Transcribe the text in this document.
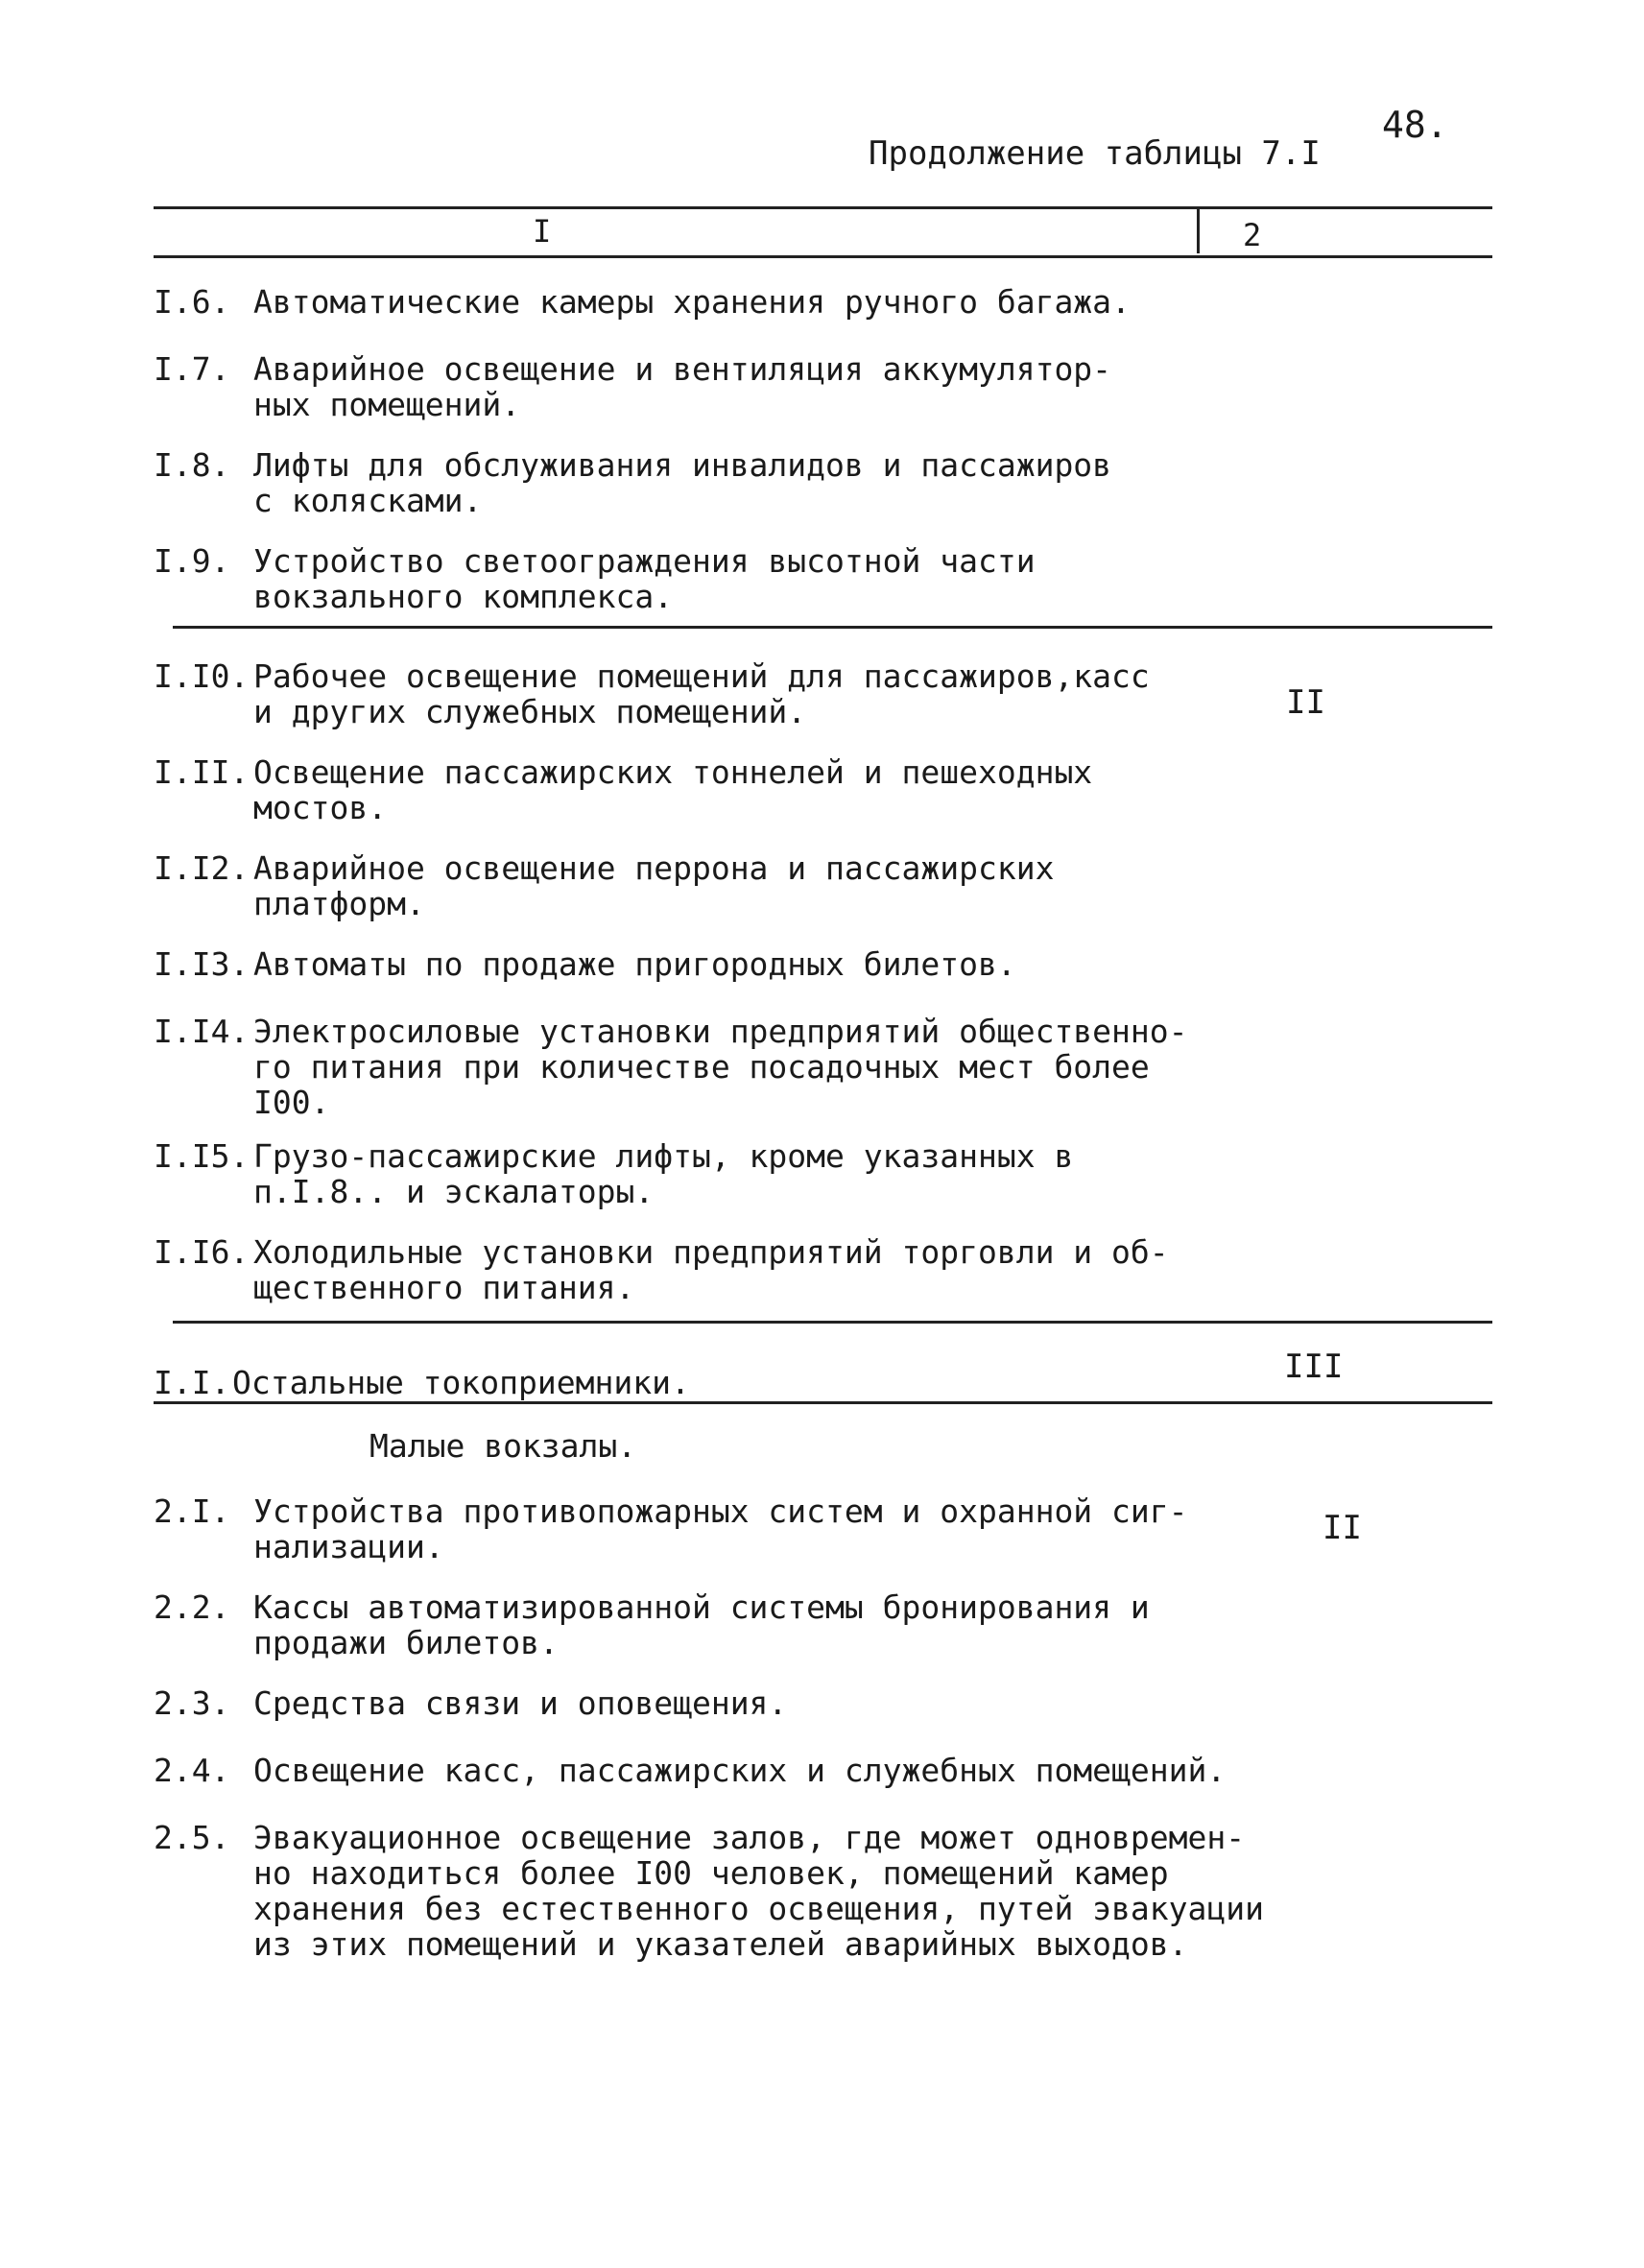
48.
Продолжение таблицы 7.I
I	2
I.6. Автоматические камеры хранения ручного багажа.
I.7. Аварийное освещение и вентиляция аккумулятор-
ных помещений.
I.8. Лифты для обслуживания инвалидов и пассажиров
с колясками.
I.9. Устройство светоограждения высотной части
вокзального комплекса.
II
I.I0. Рабочее освещение помещений для пассажиров,касс
и других служебных помещений.
I.II. Освещение пассажирских тоннелей и пешеходных
мостов.
I.I2. Аварийное освещение перрона и пассажирских
платформ.
I.I3. Автоматы по продаже пригородных билетов.
I.I4. Электросиловые установки предприятий общественно-
го питания при количестве посадочных мест более
I00.
I.I5. Грузо-пассажирские лифты, кроме указанных в
п.I.8.. и эскалаторы.
I.I6. Холодильные установки предприятий торговли и об-
щественного питания.
III
I.I.Остальные токоприемники.
Малые вокзалы.
II
2.I. Устройства противопожарных систем и охранной сиг-
нализации.
2.2. Кассы автоматизированной системы бронирования и
продажи билетов.
2.3. Средства связи и оповещения.
2.4. Освещение касс, пассажирских и служебных помещений.
2.5. Эвакуационное освещение залов, где может одновремен-
но находиться более I00 человек, помещений камер
хранения без естественного освещения, путей эвакуации
из этих помещений и указателей аварийных выходов.
